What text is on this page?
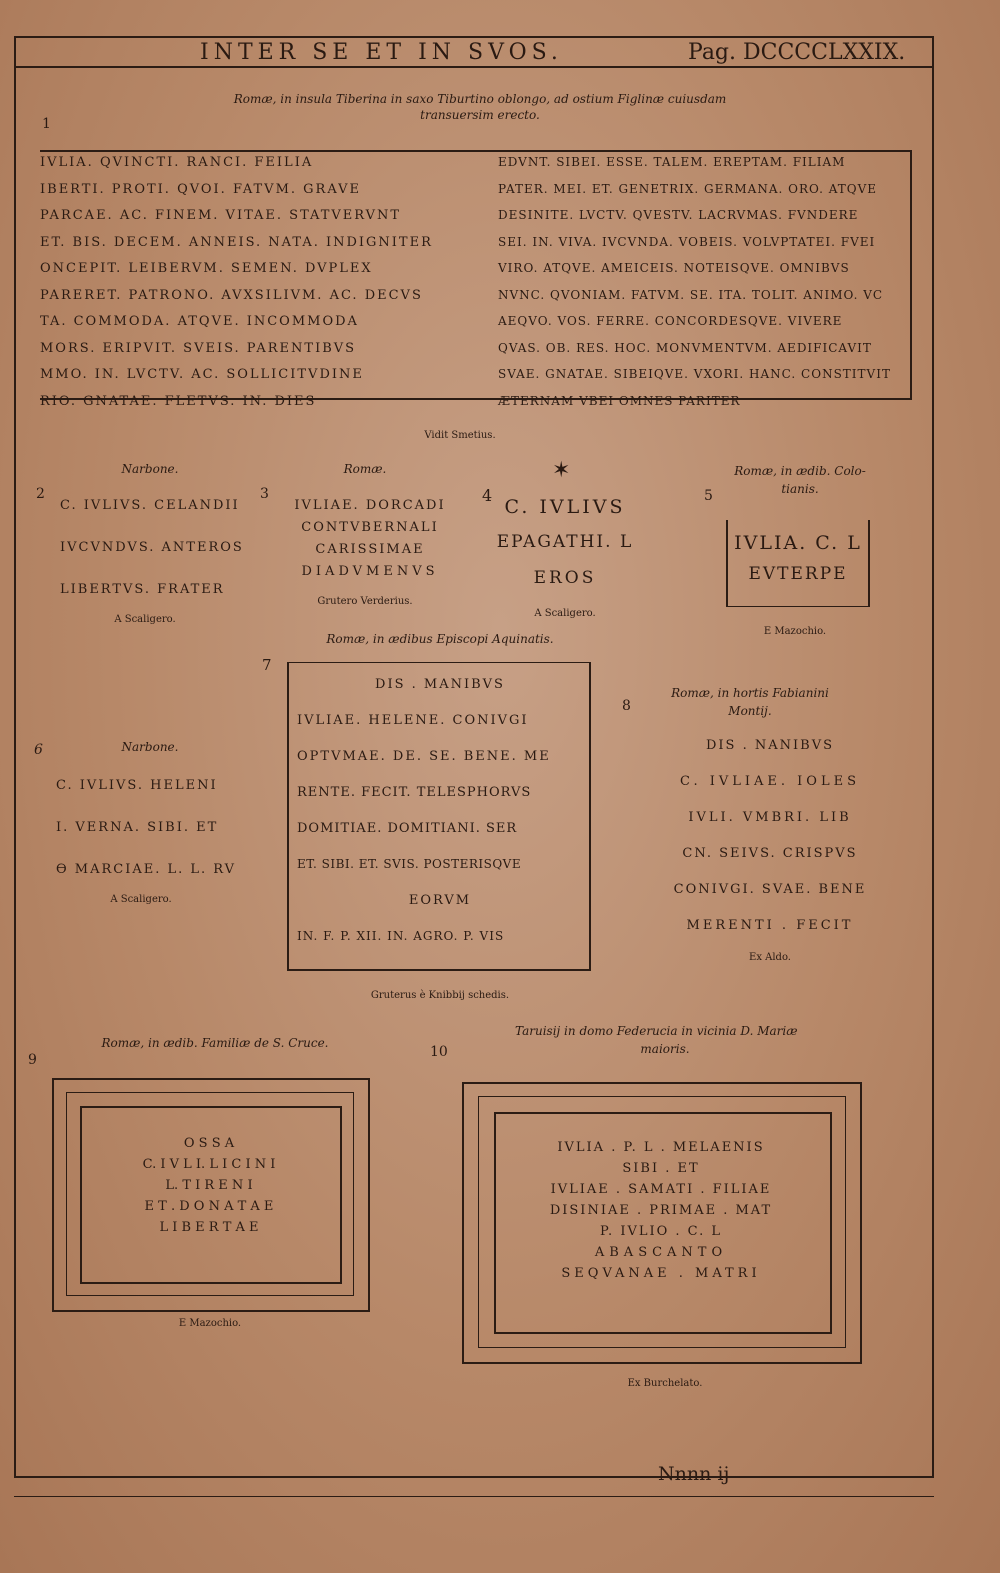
INTER SE ET IN SVOS.	Pag. DCCCCLXXIX.
Romæ, in insula Tiberina in saxo Tiburtino oblongo, ad ostium Figlinæ cuiusdam
transuersim erecto.
1
IVLIA. QVINCTI. RANCI. FEILIA
IBERTI. PROTI. QVOI. FATVM. GRAVE
PARCAE. AC. FINEM. VITAE. STATVERVNT
ET. BIS. DECEM. ANNEIS. NATA. INDIGNITER
ONCEPIT. LEIBERVM. SEMEN. DVPLEX
PARERET. PATRONO. AVXSILIVM. AC. DECVS
TA. COMMODA. ATQVE. INCOMMODA
MORS. ERIPVIT. SVEIS. PARENTIBVS
MMO. IN. LVCTV. AC. SOLLICITVDINE
RIO. GNATAE. FLETVS. IN. DIES
EDVNT. SIBEI. ESSE. TALEM. EREPTAM. FILIAM
PATER. MEI. ET. GENETRIX. GERMANA. ORO. ATQVE
DESINITE. LVCTV. QVESTV. LACRVMAS. FVNDERE
SEI. IN. VIVA. IVCVNDA. VOBEIS. VOLVPTATEI. FVEI
VIRO. ATQVE. AMEICEIS. NOTEISQVE. OMNIBVS
NVNC. QVONIAM. FATVM. SE. ITA. TOLIT. ANIMO. VC
AEQVO. VOS. FERRE. CONCORDESQVE. VIVERE
QVAS. OB. RES. HOC. MONVMENTVM. AEDIFICAVIT
SVAE. GNATAE. SIBEIQVE. VXORI. HANC. CONSTITVIT
ÆTERNAM VBEI OMNES PARITER
Vidit Smetius.
Narbone.
2
C. IVLIVS. CELANDII
IVCVNDVS. ANTEROS
LIBERTVS. FRATER
A Scaligero.
Romæ.
3
IVLIAE. DORCADI
CONTVBERNALI
CARISSIMAE
DIADVMENVS
Grutero Verderius.
✶
4
C. IVLIVS
EPAGATHI. L
EROS
A Scaligero.
Romæ, in ædib. Colo-
tianis.
5
IVLIA. C. L
EVTERPE
E Mazochio.
Romæ, in ædibus Episcopi Aquinatis.
7
DIS . MANIBVS
IVLIAE. HELENE. CONIVGI
OPTVMAE. DE. SE. BENE. ME
RENTE. FECIT. TELESPHORVS
DOMITIAE. DOMITIANI. SER
ET. SIBI. ET. SVIS. POSTERISQVE
EORVM
IN. F. P. XII. IN. AGRO. P. VIS
Gruterus è Knibbij schedis.
Narbone.
6
C. IVLIVS. HELENI
I. VERNA. SIBI. ET
ϴ MARCIAE. L. L. RV
A Scaligero.
Romæ, in hortis Fabianini
Montij.
8
DIS . NANIBVS
C. IVLIAE. IOLES
IVLI. VMBRI. LIB
CN. SEIVS. CRISPVS
CONIVGI. SVAE. BENE
MERENTI . FECIT
Ex Aldo.
Romæ, in ædib. Familiæ de S. Cruce.
9
O S S A
C. I V L I. L I C I N I
L. T I R E N I
E T . D O N A T A E
L I B E R T A E
E Mazochio.
Taruisij in domo Federucia in vicinia D. Mariæ
maioris.
10
IVLIA . P. L . MELAENIS
SIBI . ET
IVLIAE . SAMATI . FILIAE
DISINIAE . PRIMAE . MAT
P. IVLIO . C. L
ABASCANTO
SEQVANAE . MATRI
Ex Burchelato.
Nnnn ij
